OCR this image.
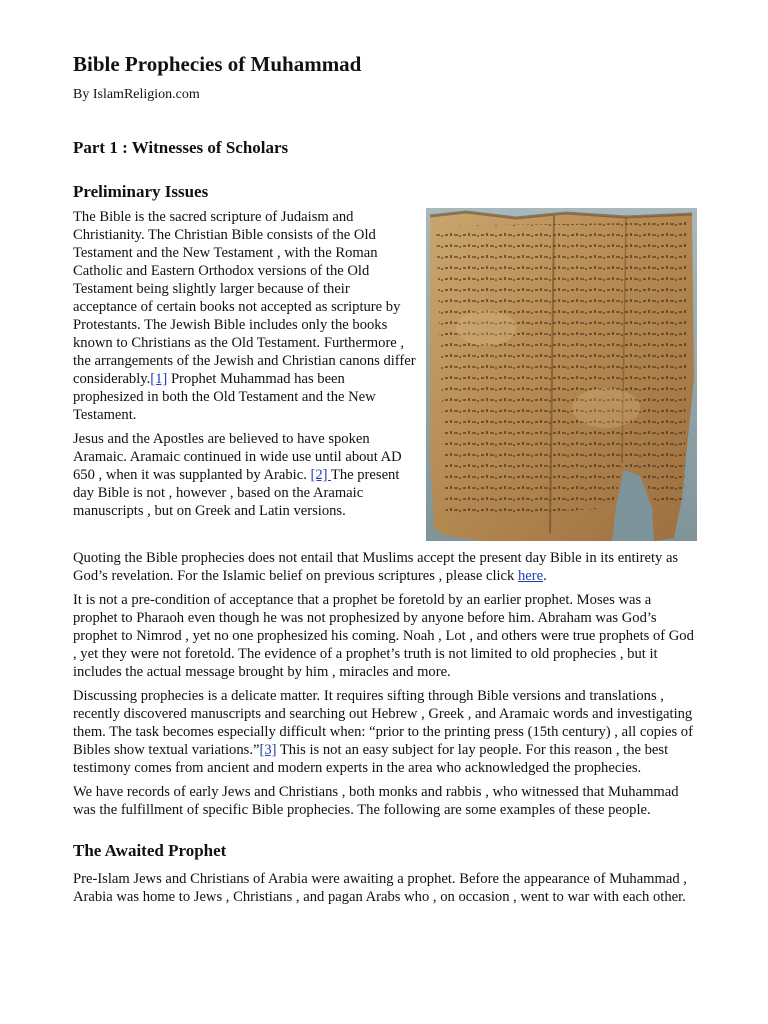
Bible Prophecies of Muhammad
By IslamReligion.com
Part 1 : Witnesses of Scholars
Preliminary Issues

The Bible is the sacred scripture of Judaism and Christianity. The Christian Bible consists of the Old Testament and the New Testament , with the Roman Catholic and Eastern Orthodox versions of the Old Testament being slightly larger because of their acceptance of certain books not accepted as scripture by Protestants. The Jewish Bible includes only the books known to Christians as the Old Testament. Furthermore , the arrangements of the Jewish and Christian canons differ considerably.[1] Prophet Muhammad has been prophesized in both the Old Testament and the New Testament.

Jesus and the Apostles are believed to have spoken Aramaic. Aramaic continued in wide use until about AD 650 , when it was supplanted by Arabic. [2] The present day Bible is not , however , based on the Aramaic manuscripts , but on Greek and Latin versions.

Quoting the Bible prophecies does not entail that Muslims accept the present day Bible in its entirety as God’s revelation. For the Islamic belief on previous scriptures , please click here.

It is not a pre-condition of acceptance that a prophet be foretold by an earlier prophet. Moses was a prophet to Pharaoh even though he was not prophesized by anyone before him. Abraham was God’s prophet to Nimrod , yet no one prophesized his coming. Noah , Lot , and others were true prophets of God , yet they were not foretold. The evidence of a prophet’s truth is not limited to old prophecies , but it includes the actual message brought by him , miracles and more.

Discussing prophecies is a delicate matter. It requires sifting through Bible versions and translations , recently discovered manuscripts and searching out Hebrew , Greek , and Aramaic words and investigating them. The task becomes especially difficult when: “prior to the printing press (15th century) , all copies of Bibles show textual variations.”[3] This is not an easy subject for lay people. For this reason , the best testimony comes from ancient and modern experts in the area who acknowledged the prophecies.

We have records of early Jews and Christians , both monks and rabbis , who witnessed that Muhammad was the fulfillment of specific Bible prophecies. The following are some examples of these people.

The Awaited Prophet

Pre-Islam Jews and Christians of Arabia were awaiting a prophet. Before the appearance of Muhammad , Arabia was home to Jews , Christians , and pagan Arabs who , on occasion , went to war with each other.
